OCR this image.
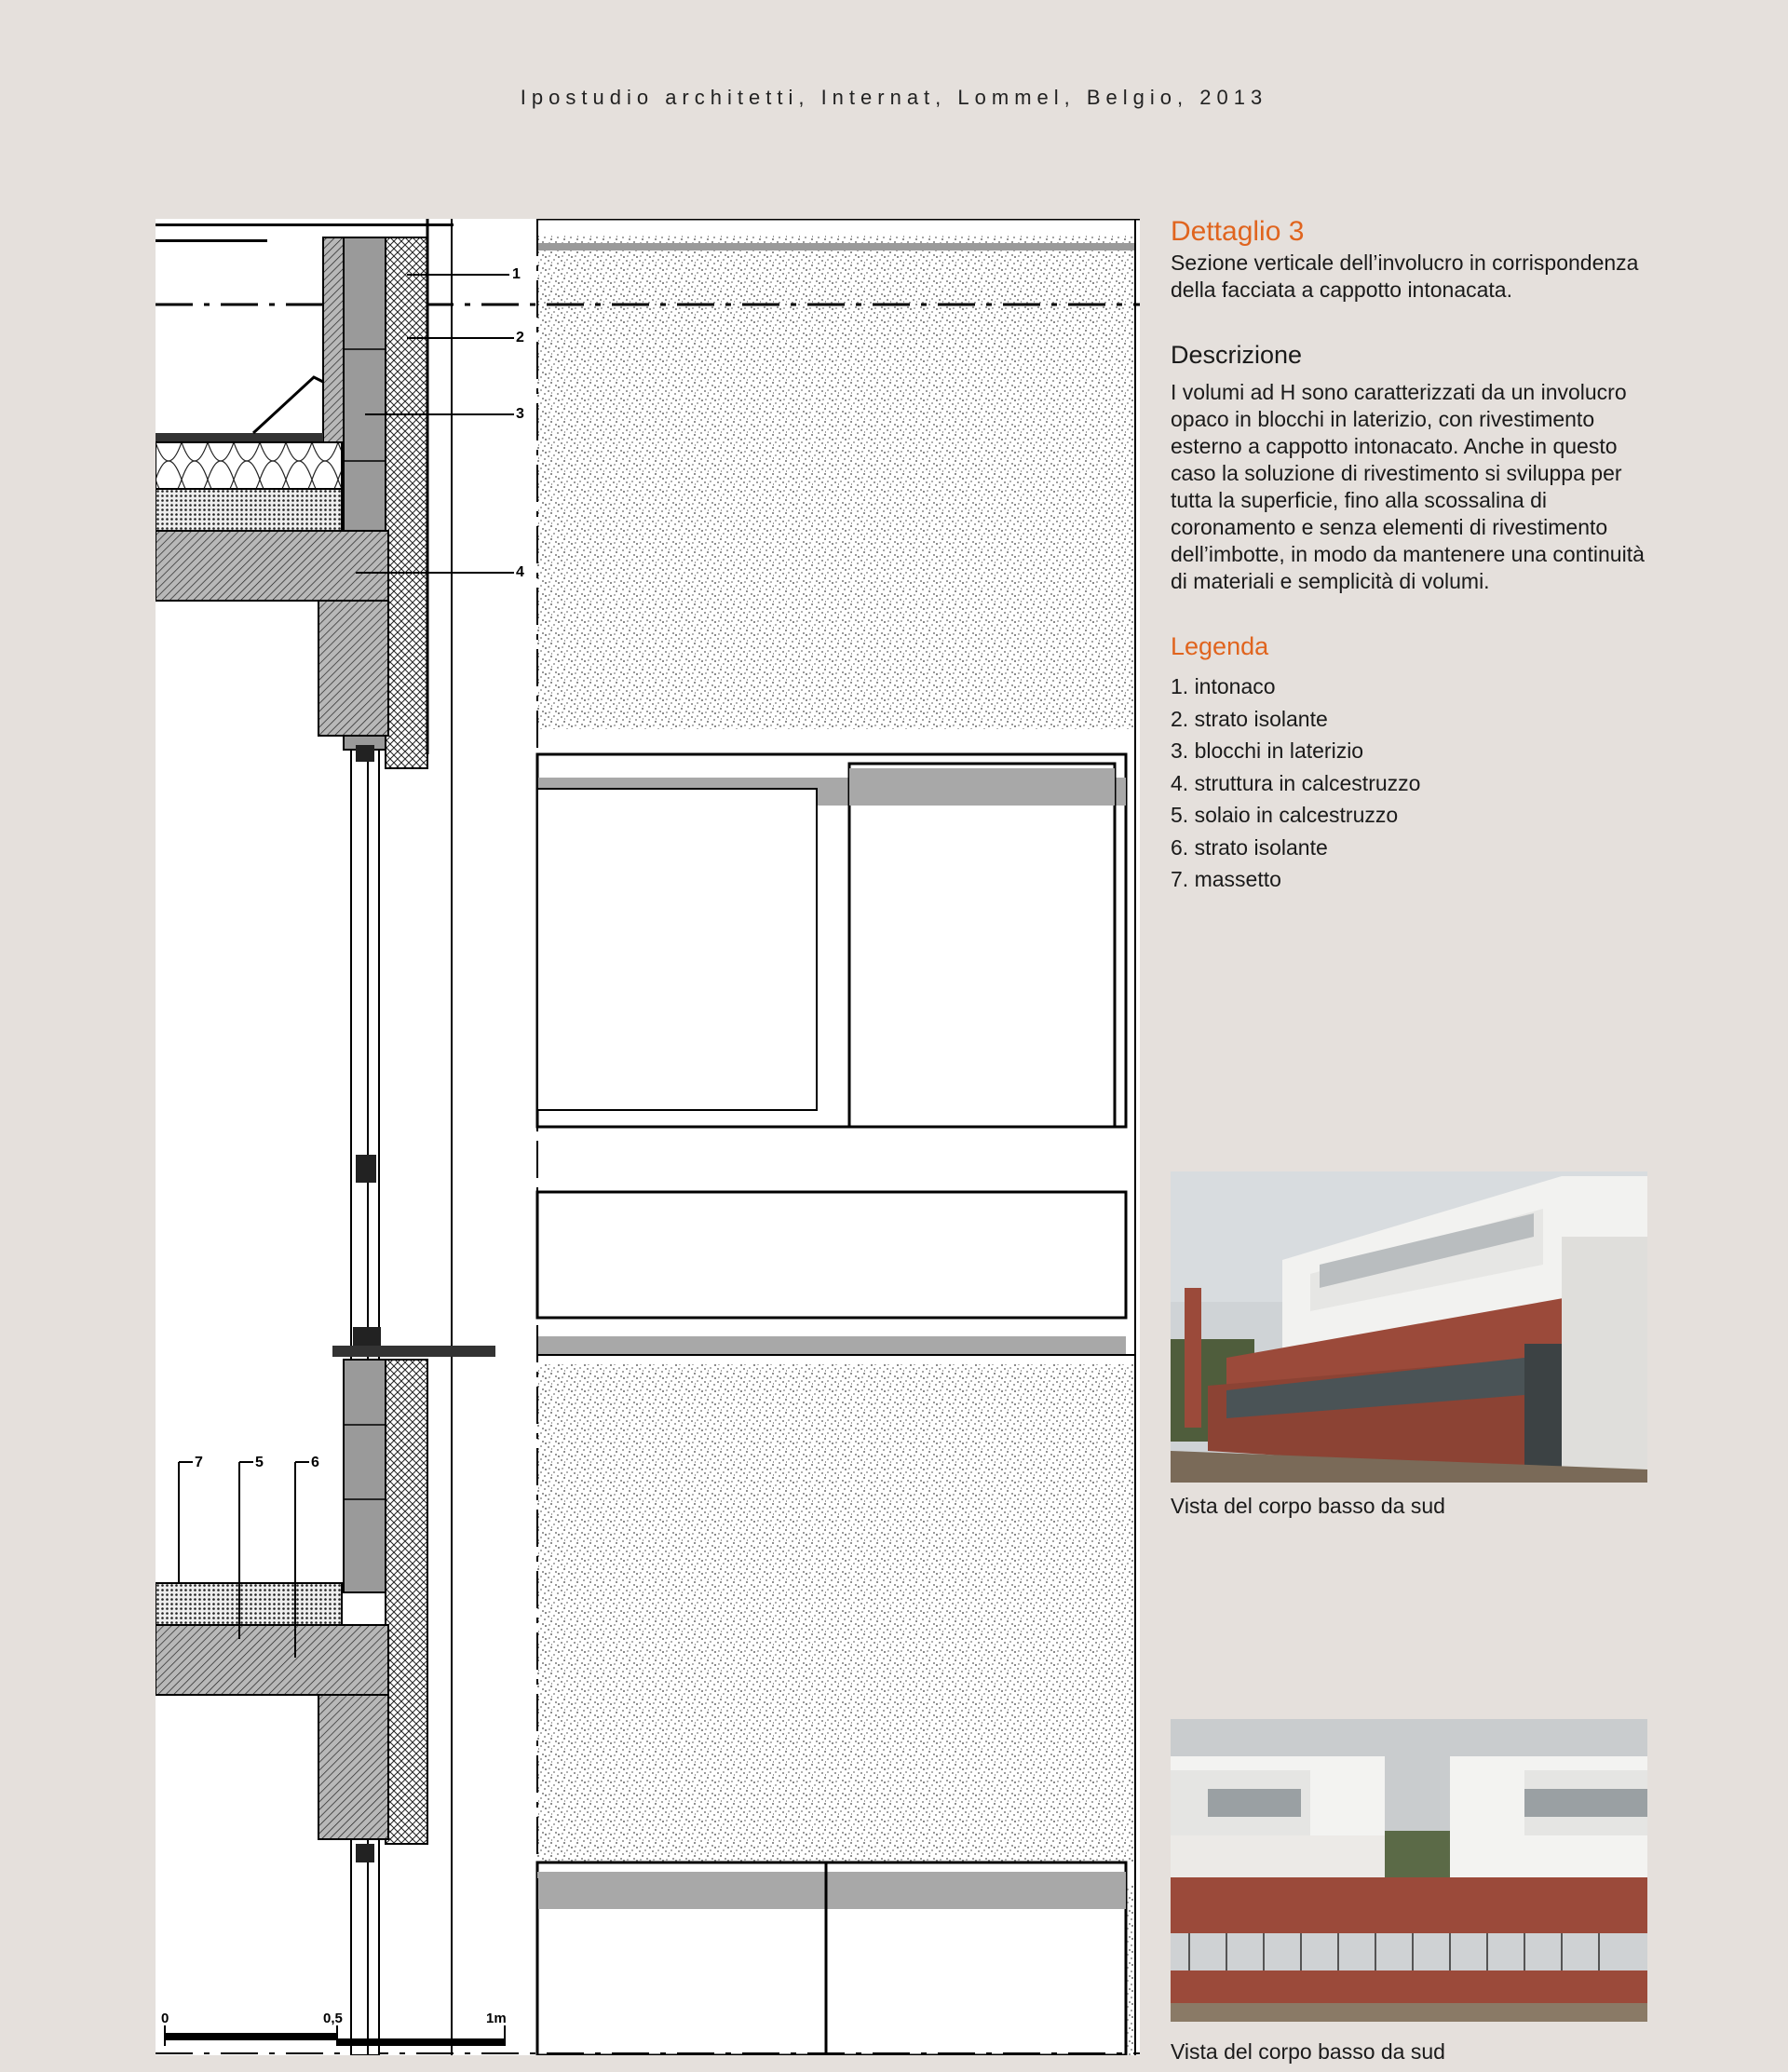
Ipostudio architetti, Internat, Lommel, Belgio, 2013
1
2
3
4
7	5	6
0	0,5	1m
Dettaglio 3

Sezione verticale dell’involucro in corrispondenza della facciata a cappotto intonacata.

Descrizione

I volumi ad H sono caratterizzati da un involucro opaco in blocchi in laterizio, con rivestimento esterno a cappotto intonacato. Anche in questo caso la soluzione di rivestimento si sviluppa per tutta la superficie, fino alla scossalina di coronamento e senza elementi di rivestimento dell’imbotte, in modo da mantenere una continuità di materiali e semplicità di volumi.

Legenda
1. intonaco
2. strato isolante
3. blocchi in laterizio
4. struttura in calcestruzzo
5. solaio in calcestruzzo
6. strato isolante
7. massetto
Vista del corpo basso da sud
Vista del corpo basso da sud
